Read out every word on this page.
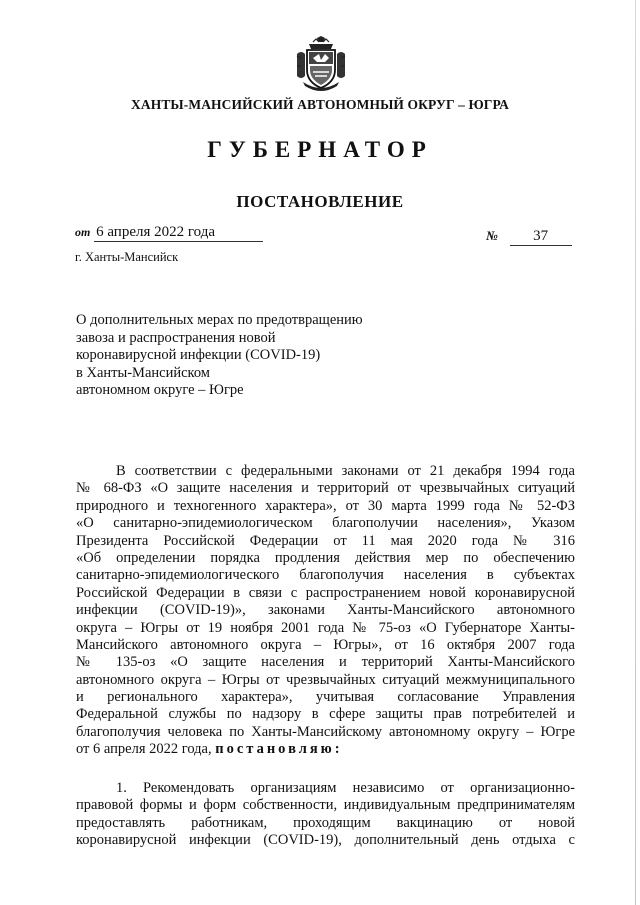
ХАНТЫ-МАНСИЙСКИЙ АВТОНОМНЫЙ ОКРУГ – ЮГРА
ГУБЕРНАТОР
ПОСТАНОВЛЕНИЕ
от 6 апреля 2022 года	№ 37
г. Ханты-Мансийск
О дополнительных мерах по предотвращению
завоза и распространения новой
коронавирусной инфекции (COVID-19)
в Ханты-Мансийском
автономном округе – Югре
В соответствии с федеральными законами от 21 декабря 1994 года
№ 68-ФЗ «О защите населения и территорий от чрезвычайных ситуаций
природного и техногенного характера», от 30 марта 1999 года № 52-ФЗ
«О санитарно-эпидемиологическом благополучии населения», Указом
Президента Российской Федерации от 11 мая 2020 года № 316
«Об определении порядка продления действия мер по обеспечению
санитарно-эпидемиологического благополучия населения в субъектах
Российской Федерации в связи с распространением новой коронавирусной
инфекции (COVID-19)», законами Ханты-Мансийского автономного
округа – Югры от 19 ноября 2001 года № 75-оз «О Губернаторе Ханты-
Мансийского автономного округа – Югры», от 16 октября 2007 года
№ 135-оз «О защите населения и территорий Ханты-Мансийского
автономного округа – Югры от чрезвычайных ситуаций межмуниципального
и регионального характера», учитывая согласование Управления
Федеральной службы по надзору в сфере защиты прав потребителей и
благополучия человека по Ханты-Мансийскому автономному округу – Югре
от 6 апреля 2022 года, постановляю:
1. Рекомендовать организациям независимо от организационно-
правовой формы и форм собственности, индивидуальным предпринимателям
предоставлять работникам, проходящим вакцинацию от новой
коронавирусной инфекции (COVID-19), дополнительный день отдыха с
